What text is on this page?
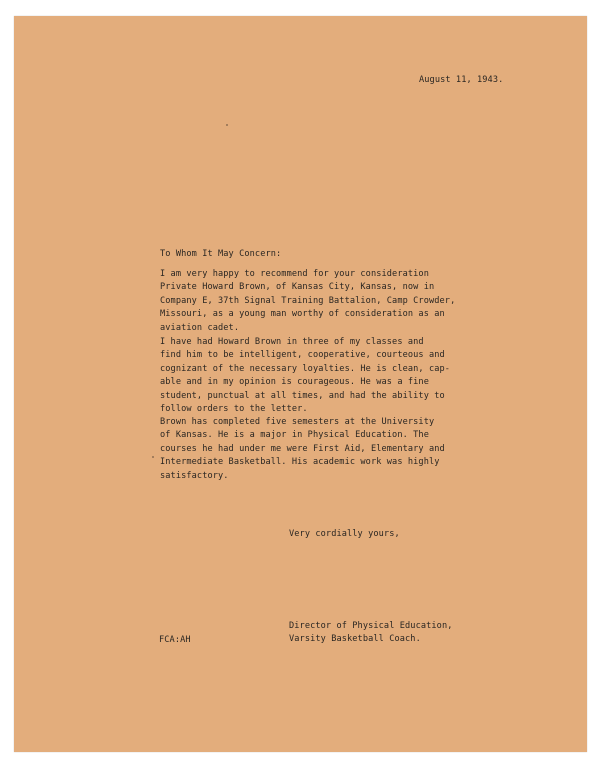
August 11, 1943.
To Whom It May Concern:
I am very happy to recommend for your consideration
Private Howard Brown, of Kansas City, Kansas, now in
Company E, 37th Signal Training Battalion, Camp Crowder,
Missouri, as a young man worthy of consideration as an
aviation cadet.
I have had Howard Brown in three of my classes and
find him to be intelligent, cooperative, courteous and
cognizant of the necessary loyalties. He is clean, cap-
able and in my opinion is courageous. He was a fine
student, punctual at all times, and had the ability to
follow orders to the letter.
Brown has completed five semesters at the University
of Kansas. He is a major in Physical Education. The
courses he had under me were First Aid, Elementary and
Intermediate Basketball. His academic work was highly
satisfactory.
Very cordially yours,
Director of Physical Education,
Varsity Basketball Coach.
FCA:AH
